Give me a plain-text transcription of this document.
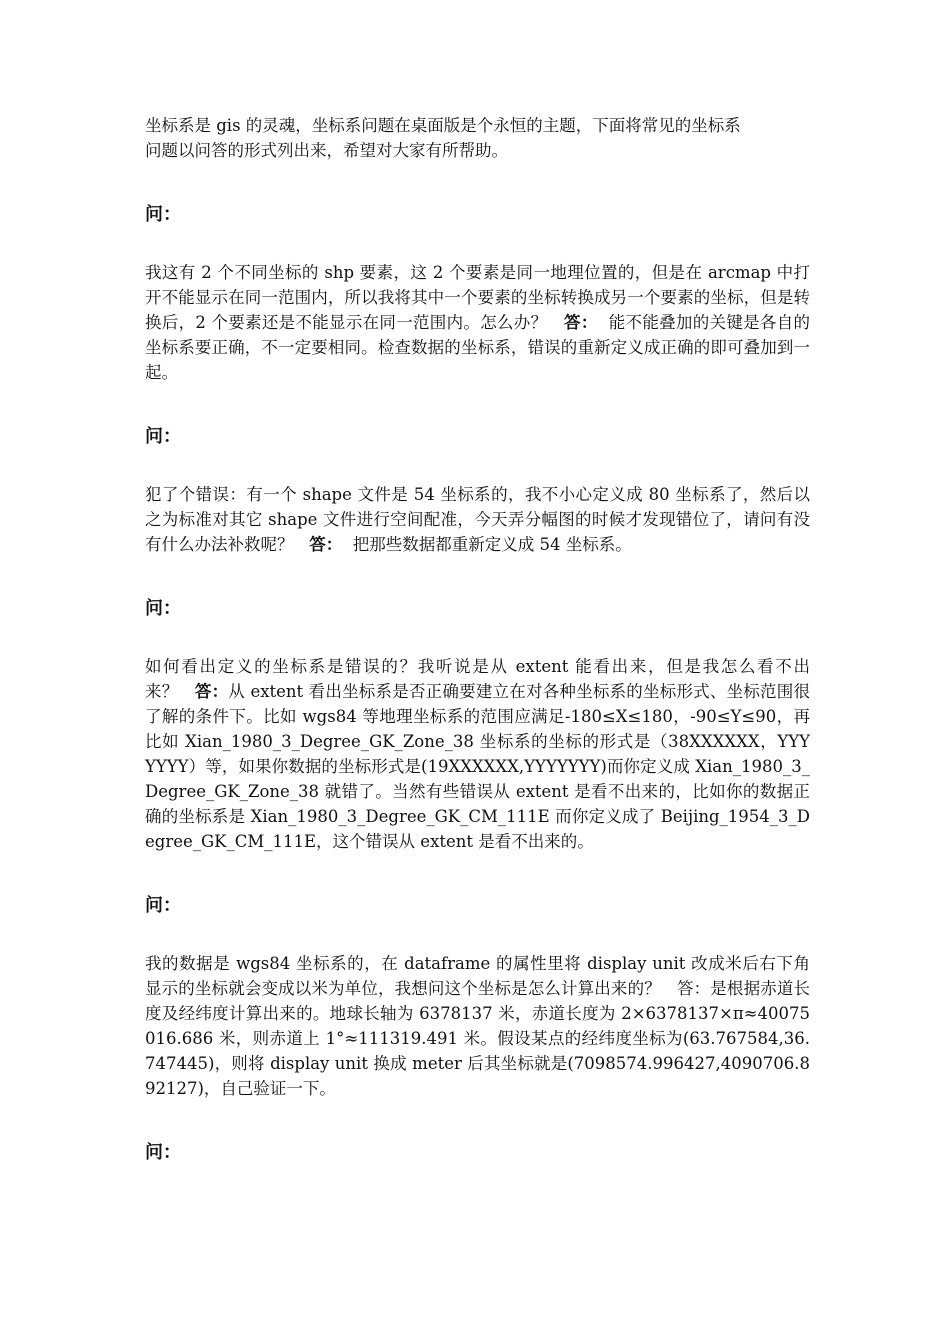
坐标系是 gis 的灵魂，坐标系问题在桌面版是个永恒的主题，下面将常见的坐标系问题以问答的形式列出来，希望对大家有所帮助。

问：

我这有 2 个不同坐标的 shp 要素，这 2 个要素是同一地理位置的，但是在 arcmap 中打开不能显示在同一范围内，所以我将其中一个要素的坐标转换成另一个要素的坐标，但是转换后，2 个要素还是不能显示在同一范围内。怎么办？ 答： 能不能叠加的关键是各自的坐标系要正确，不一定要相同。检查数据的坐标系，错误的重新定义成正确的即可叠加到一起。

问：

犯了个错误：有一个 shape 文件是 54 坐标系的，我不小心定义成 80 坐标系了，然后以之为标准对其它 shape 文件进行空间配准，今天弄分幅图的时候才发现错位了，请问有没有什么办法补救呢？ 答： 把那些数据都重新定义成 54 坐标系。

问：

如何看出定义的坐标系是错误的？我听说是从 extent 能看出来，但是我怎么看不出来？ 答：从 extent 看出坐标系是否正确要建立在对各种坐标系的坐标形式、坐标范围很了解的条件下。比如 wgs84 等地理坐标系的范围应满足-180≤X≤180，-90≤Y≤90，再比如 Xian_1980_3_Degree_GK_Zone_38 坐标系的坐标的形式是（38XXXXXX，YYYYYYY）等，如果你数据的坐标形式是(19XXXXXX,YYYYYYY)而你定义成 Xian_1980_3_Degree_GK_Zone_38 就错了。当然有些错误从 extent 是看不出来的，比如你的数据正确的坐标系是 Xian_1980_3_Degree_GK_CM_111E 而你定义成了 Beijing_1954_3_Degree_GK_CM_111E，这个错误从 extent 是看不出来的。

问：

我的数据是 wgs84 坐标系的，在 dataframe 的属性里将 display unit 改成米后右下角显示的坐标就会变成以米为单位，我想问这个坐标是怎么计算出来的？ 答：是根据赤道长度及经纬度计算出来的。地球长轴为 6378137 米，赤道长度为 2×6378137×π≈40075016.686 米，则赤道上 1°≈111319.491 米。假设某点的经纬度坐标为(63.767584,36.747445)，则将 display unit 换成 meter 后其坐标就是(7098574.996427,4090706.892127)，自己验证一下。

问：
